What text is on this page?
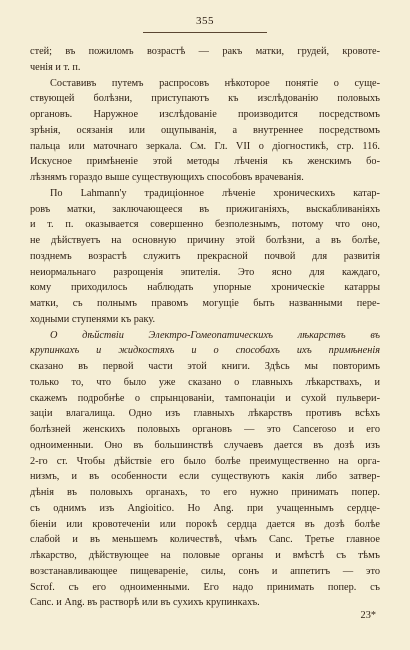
355
стей; въ пожиломъ возрастѣ — ракъ матки, грудей, кровоте-
ченія и т. п.
Составивъ путемъ распросовъ нѣкоторое понятіе о суще-
ствующей болѣзни, приступаютъ къ изслѣдованію половыхъ
органовъ. Наружное изслѣдованіе производится посредствомъ
зрѣнія, осязанія или ощупыванія, а внутреннее посредствомъ
пальца или маточнаго зеркала. См. Гл. VII о діогностикѣ, стр. 116.
Искусное примѣненіе этой методы лѣченія къ женскимъ бо-
лѣзнямъ гораздо выше существующихъ способовъ врачеванія.
По Lahmann'y традиціонное лѣченіе хроническихъ катар-
ровъ матки, заключающееся въ прижиганіяхъ, выскабливаніяхъ
и т. п. оказывается совершенно безполезнымъ, потому что оно,
не дѣйствуетъ на основную причину этой болѣзни, а въ болѣе,
позднемъ возрастѣ служитъ прекрасной почвой для развитія
неиормальнаго разрощенія эпителія. Это ясно для каждаго,
кому приходилось наблюдать упорные хроническіе катарры
матки, съ полнымъ правомъ могущіе быть названными пере-
ходными ступенями къ раку.
О дѣйствіи Электро-Гомеопатическихъ лѣкарствъ въ
крупинкахъ и жидкостяхъ и о способахъ ихъ примѣненія
сказано въ первой части этой книги. Здѣсь мы повторимъ
только то, что было уже сказано о главныхъ лѣкарствахъ, и
скажемъ подробнѣе о спрынцованіи, тампонаціи и сухой пульвери-
заціи влагалища. Одно изъ главныхъ лѣкарствъ противъ всѣхъ
болѣзней женскихъ половыхъ органовъ — это Canceroso и его
одноименныи. Оно въ большинствѣ случаевъ дается въ дозѣ изъ
2-го ст. Чтобы дѣйствіе его было болѣе преимущественно на орга-
низмъ, и въ особенности если существуютъ какія либо затвер-
дѣнія въ половыхъ органахъ, то его нужно принимать попер.
съ однимъ изъ Angioitico. Но Ang. при учащеннымъ сердце-
біеніи или кровотеченіи или порокѣ сердца дается въ дозѣ болѣе
слабой и въ меньшемъ количествѣ, чѣмъ Canc. Третье главное
лѣкарство, дѣйствующее на половые органы и вмѣстѣ съ тѣмъ
возстанавливающее пищевареніе, силы, сонъ и аппетитъ — это
Scrof. съ его одноименными. Его надо принимать попер. съ
Canc. и Ang. въ растворѣ или въ сухихъ крупинкахъ.
23*
